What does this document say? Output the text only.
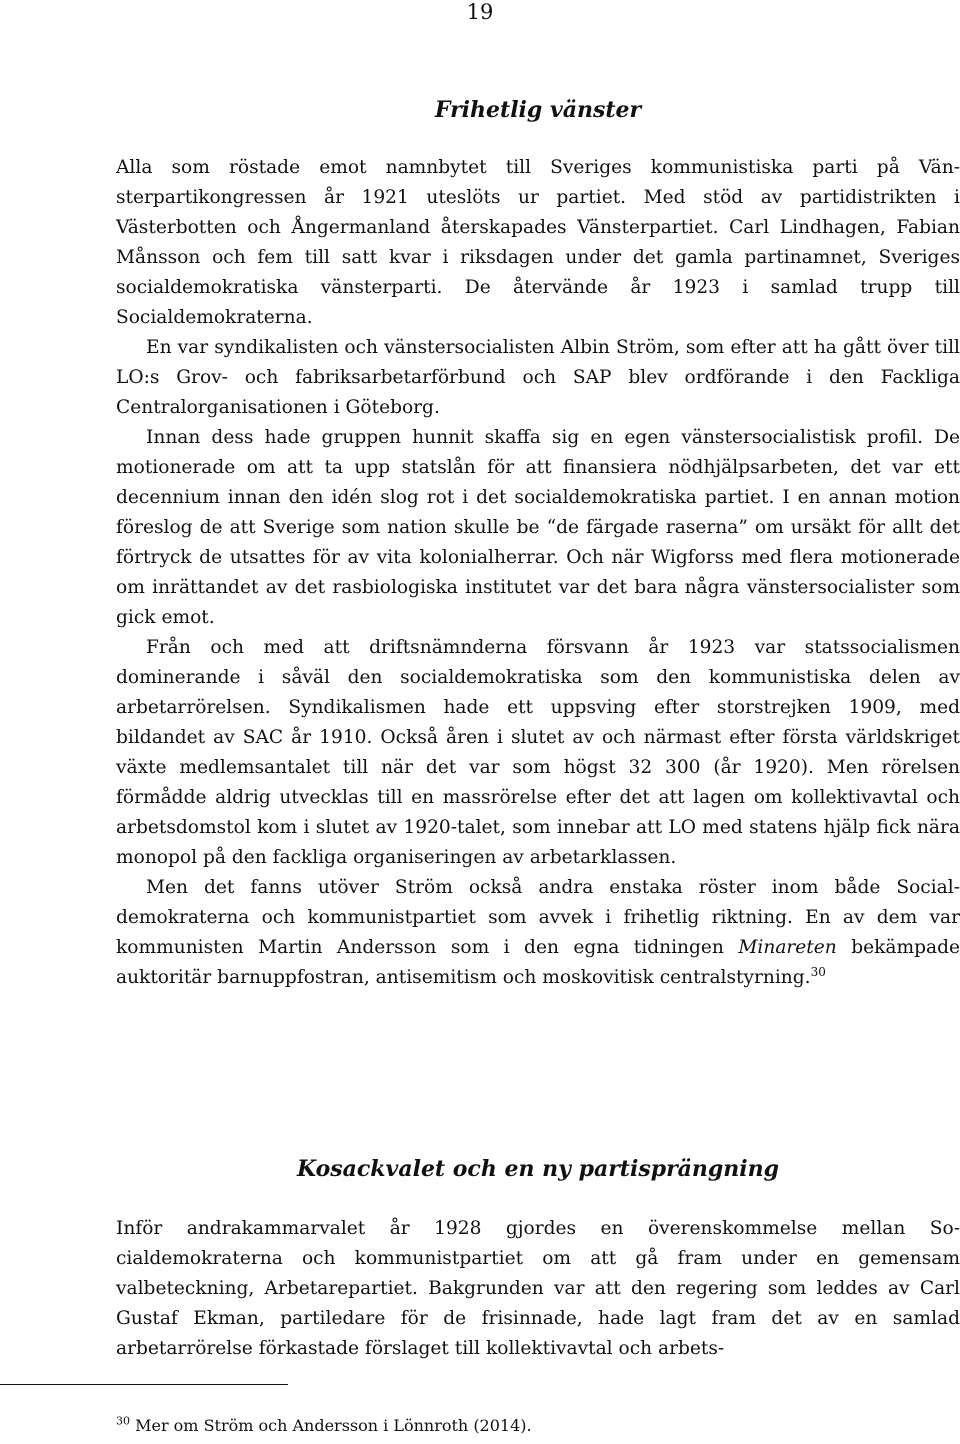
19
Frihetlig vänster

Alla som röstade emot namnbytet till Sveriges kommunistiska parti på Vänsterpartikongressen år 1921 uteslöts ur partiet. Med stöd av partidistrikten i Västerbotten och Ångermanland återskapades Vänsterpartiet. Carl Lindhagen, Fabian Månsson och fem till satt kvar i riksdagen under det gamla partinamnet, Sveriges socialdemokratiska vänsterparti. De återvände år 1923 i samlad trupp till Socialdemokraterna.

En var syndikalisten och vänstersocialisten Albin Ström, som efter att ha gått över till LO:s Grov- och fabriksarbetarförbund och SAP blev ordförande i den Fackliga Centralorganisationen i Göteborg.

Innan dess hade gruppen hunnit skaffa sig en egen vänstersocialistisk profil. De motionerade om att ta upp statslån för att finansiera nödhjälpsarbeten, det var ett decennium innan den idén slog rot i det socialdemokratiska partiet. I en annan motion föreslog de att Sverige som nation skulle be “de färgade raserna” om ursäkt för allt det förtryck de utsattes för av vita kolonialherrar. Och när Wigforss med flera motionerade om inrättandet av det rasbiologiska institutet var det bara några vänstersocialister som gick emot.

Från och med att driftsnämnderna försvann år 1923 var statssocialismen dominerande i såväl den socialdemokratiska som den kommunistiska delen av arbetarrörelsen. Syndikalismen hade ett uppsving efter storstrejken 1909, med bildandet av SAC år 1910. Också åren i slutet av och närmast efter första världskriget växte medlemsantalet till när det var som högst 32 300 (år 1920). Men rörelsen förmådde aldrig utvecklas till en massrörelse efter det att lagen om kollektivavtal och arbetsdomstol kom i slutet av 1920-talet, som innebar att LO med statens hjälp fick nära monopol på den fackliga organiseringen av arbetarklassen.

Men det fanns utöver Ström också andra enstaka röster inom både Socialdemokraterna och kommunistpartiet som avvek i frihetlig riktning. En av dem var kommunisten Martin Andersson som i den egna tidningen Minareten bekämpade auktoritär barnuppfostran, antisemitism och moskovitisk centralstyrning.$^{30}$

Kosackvalet och en ny partisprängning

Inför andrakammarvalet år 1928 gjordes en överenskommelse mellan Socialdemokraterna och kommunistpartiet om att gå fram under en gemensam valbeteckning, Arbetarepartiet. Bakgrunden var att den regering som leddes av Carl Gustaf Ekman, partiledare för de frisinnade, hade lagt fram det av en samlad arbetarrörelse förkastade förslaget till kollektivavtal och arbets-

$^{30}$ Mer om Ström och Andersson i Lönnroth (2014).
